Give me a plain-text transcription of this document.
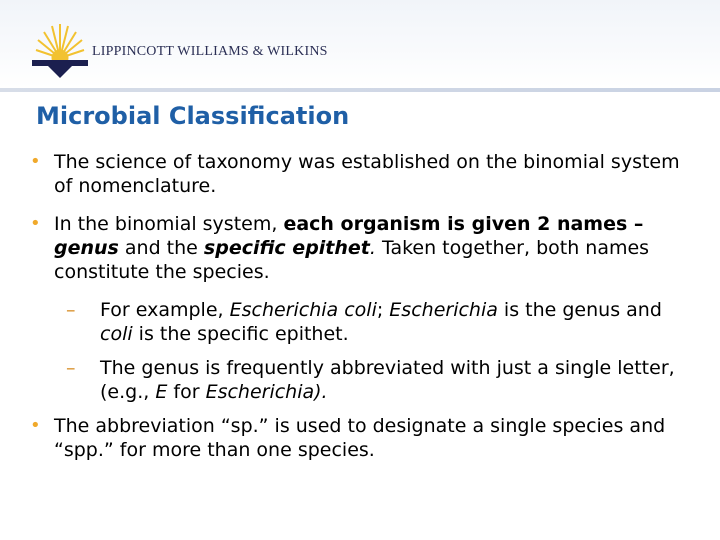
LIPPINCOTT WILLIAMS & WILKINS
Microbial Classification
• The science of taxonomy was established on the binomial system of nomenclature.
• In the binomial system, each organism is given 2 names – genus and the specific epithet. Taken together, both names constitute the species.
–	For example, Escherichia coli; Escherichia is the genus and coli is the specific epithet.
–	The genus is frequently abbreviated with just a single letter, (e.g., E for Escherichia).
• The abbreviation “sp.” is used to designate a single species and “spp.” for more than one species.
